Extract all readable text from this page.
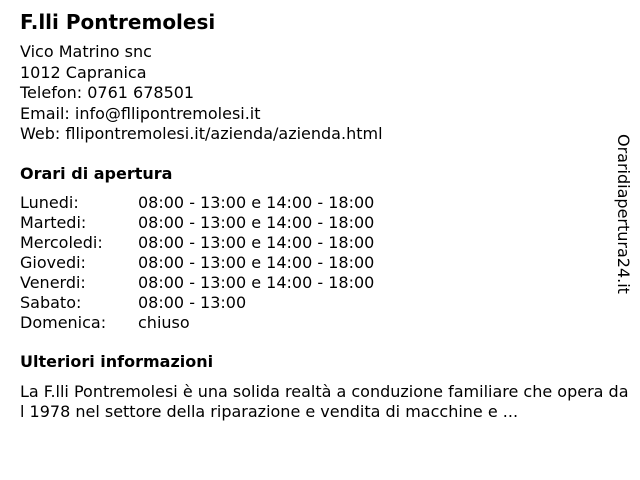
F.lli Pontremolesi
Vico Matrino snc
1012 Capranica
Telefon: 0761 678501
Email: info@fllipontremolesi.it
Web: fllipontremolesi.it/azienda/azienda.html
Orari di apertura
Lunedi:	08:00 - 13:00 e 14:00 - 18:00
Martedi:	08:00 - 13:00 e 14:00 - 18:00
Mercoledi:	08:00 - 13:00 e 14:00 - 18:00
Giovedi:	08:00 - 13:00 e 14:00 - 18:00
Venerdi:	08:00 - 13:00 e 14:00 - 18:00
Sabato:	08:00 - 13:00
Domenica:	chiuso
Ulteriori informazioni

La F.lli Pontremolesi è una solida realtà a conduzione familiare che opera dal 1978 nel settore della riparazione e vendita di macchine e ...

Oraridiapertura24.it
